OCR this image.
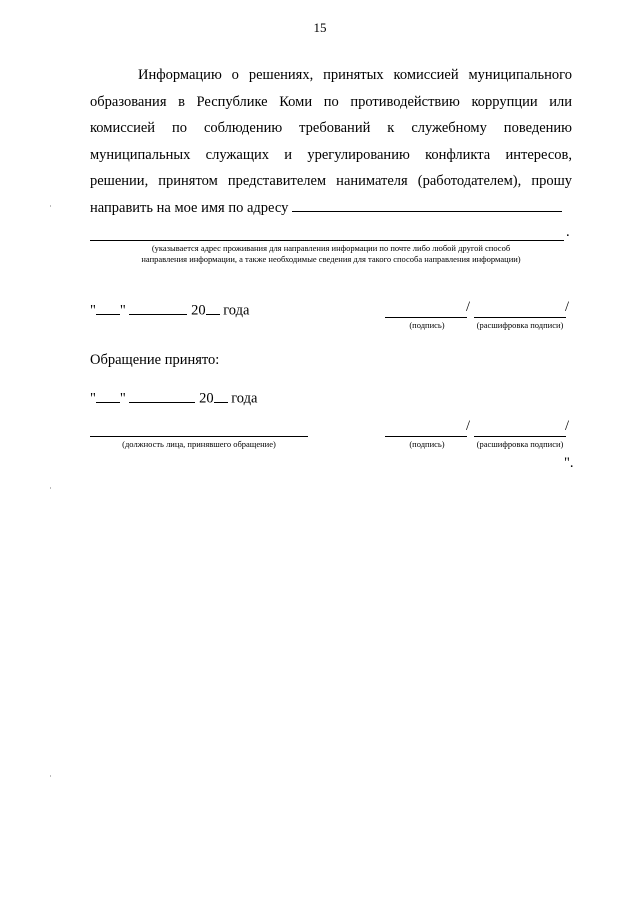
15
Информацию о решениях, принятых комиссией муниципального
образования в Республике Коми по противодействию коррупции или
комиссией по соблюдению требований к служебному поведению
муниципальных служащих и урегулированию конфликта интересов,
решении, принятом представителем нанимателя (работодателем), прошу
направить на мое имя по адресу
.
(указывается адрес проживания для направления информации по почте либо любой другой способ
направления информации, а также необходимые сведения для такого способа направления информации)
" "	20 года	/	/
(подпись)	(расшифровка подписи)
Обращение принято:
" "	20 года
(должность лица, принявшего обращение)
/	/
(подпись)	(расшифровка подписи)
".
